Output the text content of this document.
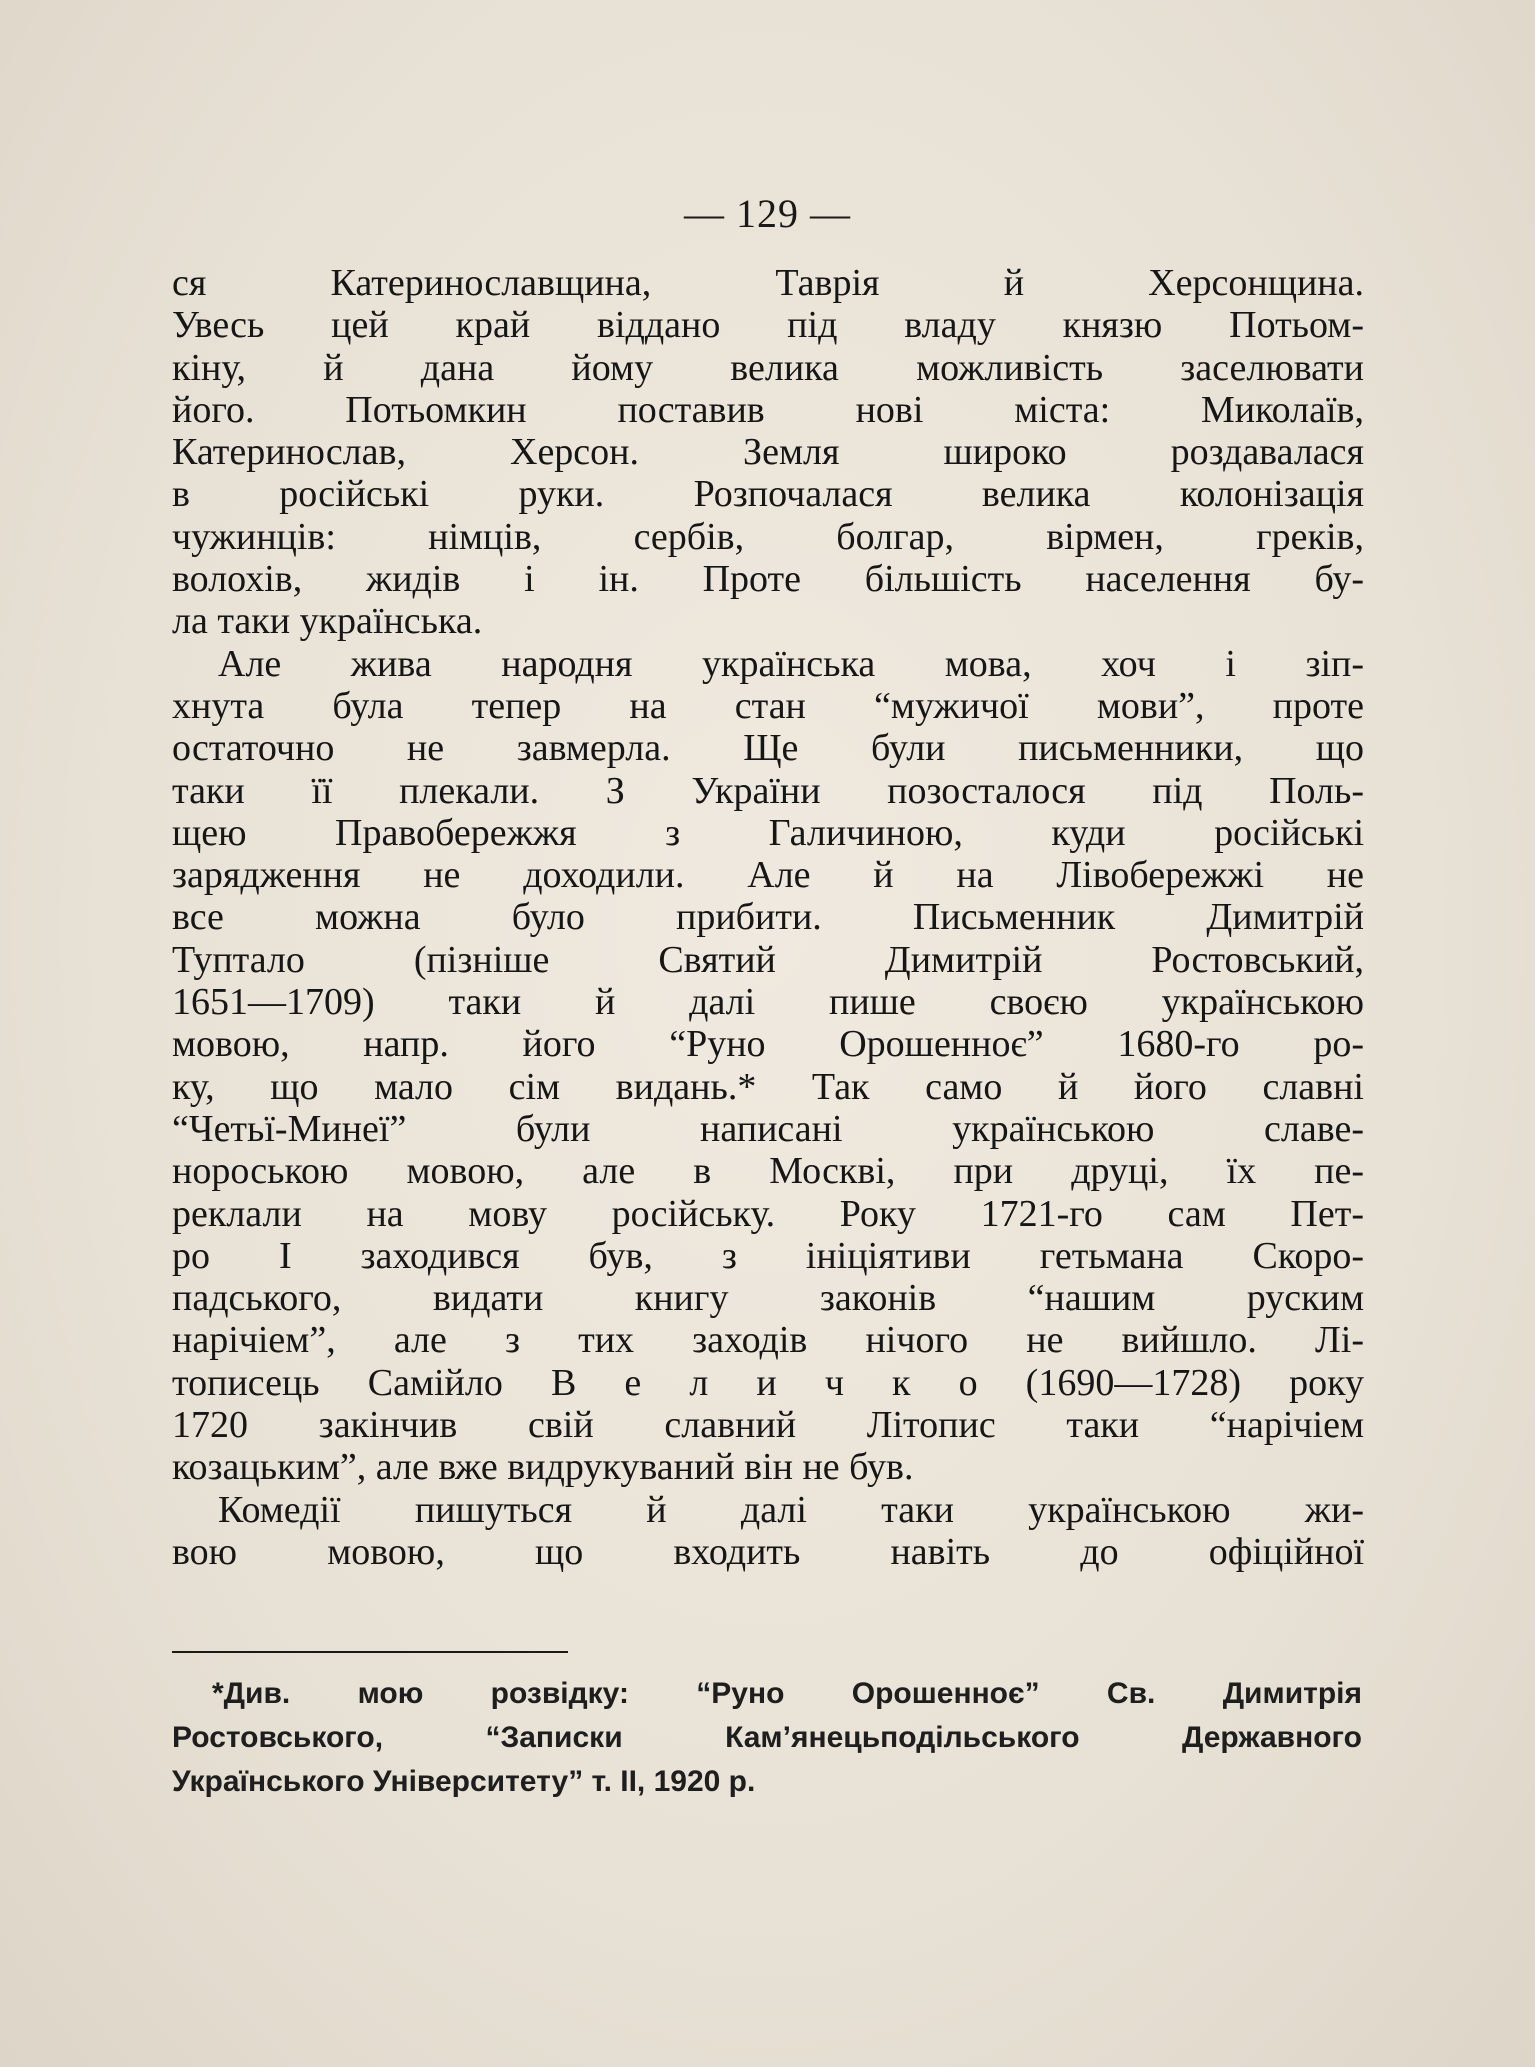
— 129 —
ся Катеринославщина, Таврія й Херсонщина.
Увесь цей край віддано під владу князю Потьом-
кіну, й дана йому велика можливість заселювати
його. Потьомкин поставив нові міста: Миколаїв,
Катеринослав, Херсон. Земля широко роздавалася
в російські руки. Розпочалася велика колонізація
чужинців: німців, сербів, болгар, вірмен, греків,
волохів, жидів і ін. Проте більшість населення бу-
ла таки українська.
Але жива народня українська мова, хоч і зіп-
хнута була тепер на стан “мужичої мови”, проте
остаточно не завмерла. Ще були письменники, що
таки її плекали. З України позосталося під Поль-
щею Правобережжя з Галичиною, куди російські
зарядження не доходили. Але й на Лівобережжі не
все можна було прибити. Письменник Димитрій
Туптало (пізніше Святий Димитрій Ростовський,
1651—1709) таки й далі пише своєю українською
мовою, напр. його “Руно Орошенноє” 1680-го ро-
ку, що мало сім видань.* Так само й його славні
“Четьї-Минеї” були написані українською славе-
нороською мовою, але в Москві, при друці, їх пе-
реклали на мову російську. Року 1721-го сам Пет-
ро І заходився був, з ініціятиви гетьмана Скоро-
падського, видати книгу законів “нашим руским
нарічіем”, але з тих заходів нічого не вийшло. Лі-
тописець Самійло В е л и ч к о (1690—1728) року
1720 закінчив свій славний Літопис таки “нарічіем
козацьким”, але вже видрукуваний він не був.
Комедії пишуться й далі таки українською жи-
вою мовою, що входить навіть до офіційної
*Див. мою розвідку: “Руно Орошенноє” Св. Димитрія
Ростовського, “Записки Кам’янецьподільського Державного
Українського Університету” т. II, 1920 р.
